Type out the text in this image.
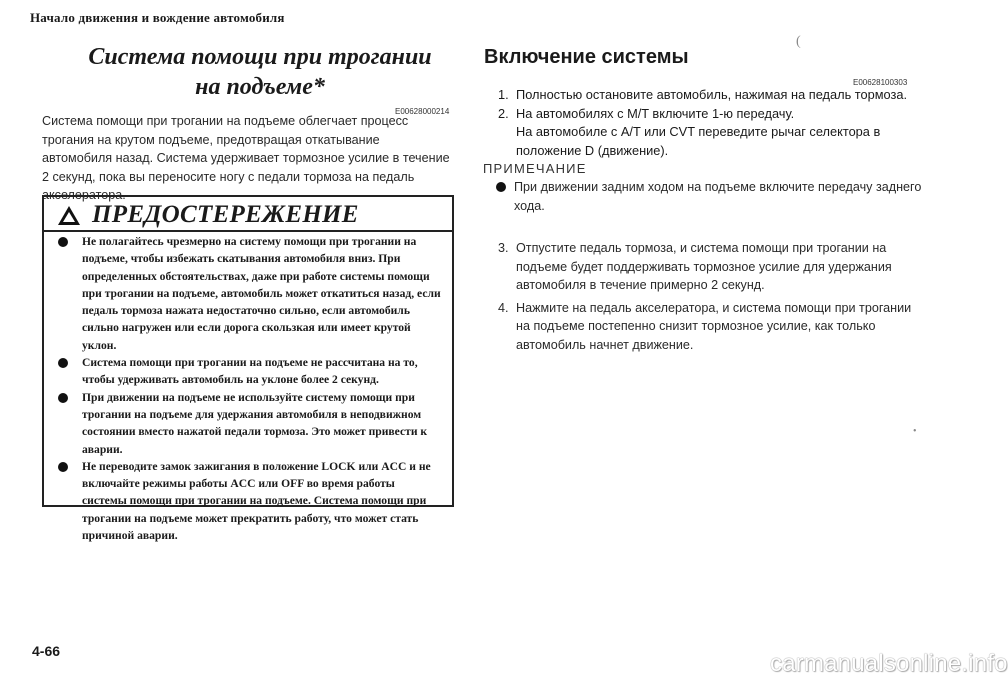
Начало движения и вождение автомобиля
Система помощи при трогании
на подъеме*
E00628000214
Система помощи при трогании на подъеме облегчает процесс трогания на крутом подъеме, предотвращая откатывание автомобиля назад. Система удерживает тормозное усилие в течение 2 секунд, пока вы переносите ногу с педали тормоза на педаль акселератора.
ПРЕДОСТЕРЕЖЕНИЕ
Не полагайтесь чрезмерно на систему помощи при трогании на подъеме, чтобы избежать скатывания автомобиля вниз. При определенных обстоятельствах, даже при работе системы помощи при трогании на подъеме, автомобиль может откатиться назад, если педаль тормоза нажата недостаточно сильно, если автомобиль сильно нагружен или если дорога скользкая или имеет крутой уклон.
Система помощи при трогании на подъеме не рассчитана на то, чтобы удерживать автомобиль на уклоне более 2 секунд.
При движении на подъеме не используйте систему помощи при трогании на подъеме для удержания автомобиля в неподвижном состоянии вместо нажатой педали тормоза. Это может привести к аварии.
Не переводите замок зажигания в положение LOCK или ACC и не включайте режимы работы ACC или OFF во время работы системы помощи при трогании на подъеме. Система помощи при трогании на подъеме может прекратить работу, что может стать причиной аварии.
4-66
Включение системы
E00628100303
1. Полностью остановите автомобиль, нажимая на педаль тормоза.
2. На автомобилях с M/T включите 1-ю передачу.
На автомобиле с A/T или CVT переведите рычаг селектора в положение D (движение).
ПРИМЕЧАНИЕ
При движении задним ходом на подъеме включите передачу заднего хода.
3. Отпустите педаль тормоза, и система помощи при трогании на подъеме будет поддерживать тормозное усилие для удержания автомобиля в течение примерно 2 секунд.
4. Нажмите на педаль акселератора, и система помощи при трогании на подъеме постепенно снизит тормозное усилие, как только автомобиль начнет движение.
(
•
carmanualsonline.info
